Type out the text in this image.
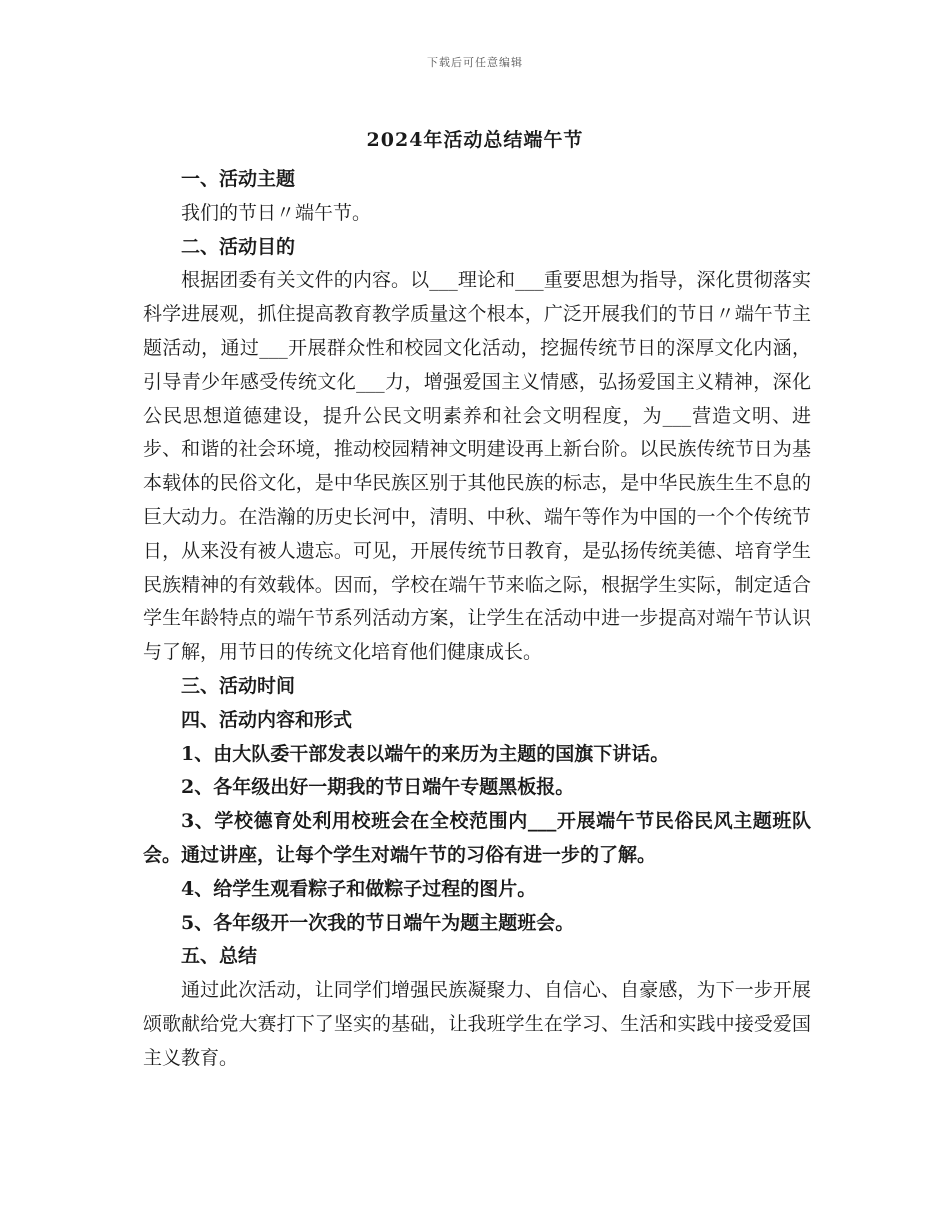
下载后可任意编辑
2024年活动总结端午节

一、活动主题

我们的节日〃端午节。

二、活动目的

根据团委有关文件的内容。以___理论和___重要思想为指导，深化贯彻落实科学进展观，抓住提高教育教学质量这个根本，广泛开展我们的节日〃端午节主题活动，通过___开展群众性和校园文化活动，挖掘传统节日的深厚文化内涵，引导青少年感受传统文化___力，增强爱国主义情感，弘扬爱国主义精神，深化公民思想道德建设，提升公民文明素养和社会文明程度，为___营造文明、进步、和谐的社会环境，推动校园精神文明建设再上新台阶。以民族传统节日为基本载体的民俗文化，是中华民族区别于其他民族的标志，是中华民族生生不息的巨大动力。在浩瀚的历史长河中，清明、中秋、端午等作为中国的一个个传统节日，从来没有被人遗忘。可见，开展传统节日教育，是弘扬传统美德、培育学生民族精神的有效载体。因而，学校在端午节来临之际，根据学生实际，制定适合学生年龄特点的端午节系列活动方案，让学生在活动中进一步提高对端午节认识与了解，用节日的传统文化培育他们健康成长。

三、活动时间

四、活动内容和形式

1、由大队委干部发表以端午的来历为主题的国旗下讲话。

2、各年级出好一期我的节日端午专题黑板报。

3、学校德育处利用校班会在全校范围内___开展端午节民俗民风主题班队会。通过讲座，让每个学生对端午节的习俗有进一步的了解。

4、给学生观看粽子和做粽子过程的图片。

5、各年级开一次我的节日端午为题主题班会。

五、总结

通过此次活动，让同学们增强民族凝聚力、自信心、自豪感，为下一步开展颂歌献给党大赛打下了坚实的基础，让我班学生在学习、生活和实践中接受爱国主义教育。
